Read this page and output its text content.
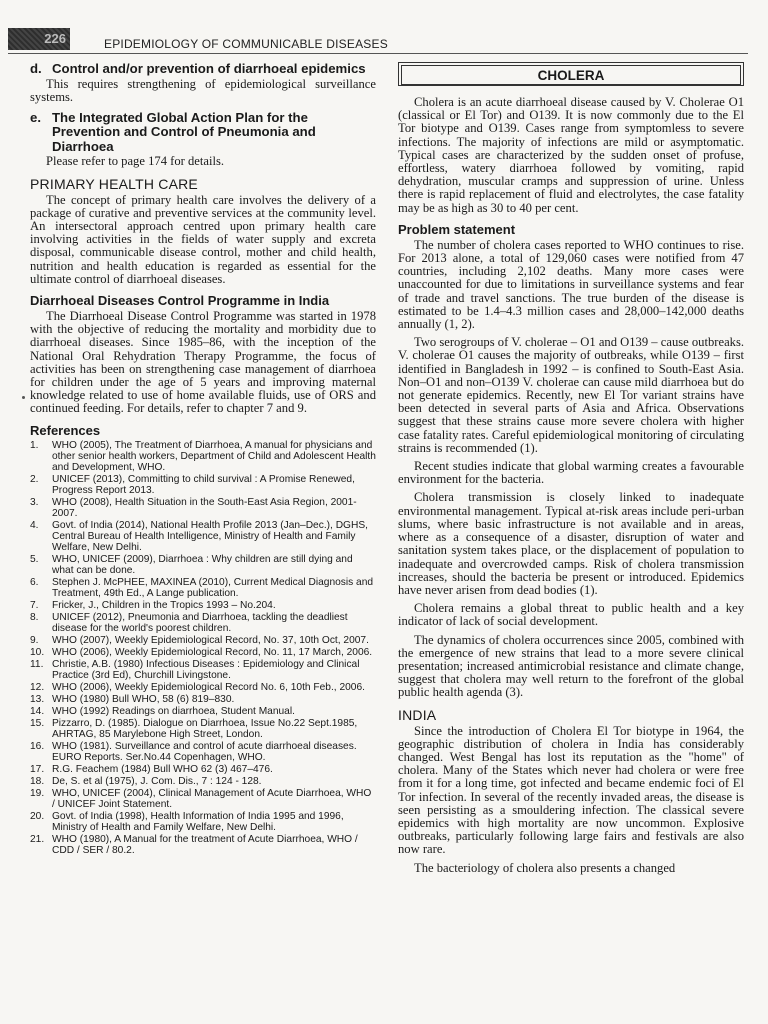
226	EPIDEMIOLOGY OF COMMUNICABLE DISEASES
d. Control and/or prevention of diarrhoeal epidemics

This requires strengthening of epidemiological surveillance systems.

e. The Integrated Global Action Plan for the Prevention and Control of Pneumonia and Diarrhoea

Please refer to page 174 for details.

PRIMARY HEALTH CARE

The concept of primary health care involves the delivery of a package of curative and preventive services at the community level. An intersectoral approach centred upon primary health care involving activities in the fields of water supply and excreta disposal, communicable disease control, mother and child health, nutrition and health education is regarded as essential for the ultimate control of diarrhoeal diseases.

Diarrhoeal Diseases Control Programme in India

The Diarrhoeal Disease Control Programme was started in 1978 with the objective of reducing the mortality and morbidity due to diarrhoeal diseases. Since 1985–86, with the inception of the National Oral Rehydration Therapy Programme, the focus of activities has been on strengthening case management of diarrhoea for children under the age of 5 years and improving maternal knowledge related to use of home available fluids, use of ORS and continued feeding. For details, refer to chapter 7 and 9.

References
1.	WHO (2005), The Treatment of Diarrhoea, A manual for physicians and other senior health workers, Department of Child and Adolescent Health and Development, WHO.
2.	UNICEF (2013), Committing to child survival : A Promise Renewed, Progress Report 2013.
3.	WHO (2008), Health Situation in the South-East Asia Region, 2001-2007.
4.	Govt. of India (2014), National Health Profile 2013 (Jan–Dec.), DGHS, Central Bureau of Health Intelligence, Ministry of Health and Family Welfare, New Delhi.
5.	WHO, UNICEF (2009), Diarrhoea : Why children are still dying and what can be done.
6.	Stephen J. McPHEE, MAXINEA (2010), Current Medical Diagnosis and Treatment, 49th Ed., A Lange publication.
7.	Fricker, J., Children in the Tropics 1993 – No.204.
8.	UNICEF (2012), Pneumonia and Diarrhoea, tackling the deadliest disease for the world's poorest children.
9.	WHO (2007), Weekly Epidemiological Record, No. 37, 10th Oct, 2007.
10. WHO (2006), Weekly Epidemiological Record, No. 11, 17 March, 2006.
11. Christie, A.B. (1980) Infectious Diseases : Epidemiology and Clinical Practice (3rd Ed), Churchill Livingstone.
12. WHO (2006), Weekly Epidemiological Record No. 6, 10th Feb., 2006.
13. WHO (1980) Bull WHO, 58 (6) 819–830.
14. WHO (1992) Readings on diarrhoea, Student Manual.
15. Pizzarro, D. (1985). Dialogue on Diarrhoea, Issue No.22 Sept.1985, AHRTAG, 85 Marylebone High Street, London.
16. WHO (1981). Surveillance and control of acute diarrhoeal diseases. EURO Reports. Ser.No.44 Copenhagen, WHO.
17. R.G. Feachem (1984) Bull WHO 62 (3) 467–476.
18. De, S. et al (1975), J. Com. Dis., 7 : 124 - 128.
19. WHO, UNICEF (2004), Clinical Management of Acute Diarrhoea, WHO / UNICEF Joint Statement.
20. Govt. of India (1998), Health Information of India 1995 and 1996, Ministry of Health and Family Welfare, New Delhi.
21. WHO (1980), A Manual for the treatment of Acute Diarrhoea, WHO / CDD / SER / 80.2.
CHOLERA

Cholera is an acute diarrhoeal disease caused by V. Cholerae O1 (classical or El Tor) and O139. It is now commonly due to the El Tor biotype and O139. Cases range from symptomless to severe infections. The majority of infections are mild or asymptomatic. Typical cases are characterized by the sudden onset of profuse, effortless, watery diarrhoea followed by vomiting, rapid dehydration, muscular cramps and suppression of urine. Unless there is rapid replacement of fluid and electrolytes, the case fatality may be as high as 30 to 40 per cent.

Problem statement

The number of cholera cases reported to WHO continues to rise. For 2013 alone, a total of 129,060 cases were notified from 47 countries, including 2,102 deaths. Many more cases were unaccounted for due to limitations in surveillance systems and fear of trade and travel sanctions. The true burden of the disease is estimated to be 1.4–4.3 million cases and 28,000–142,000 deaths annually (1, 2).

Two serogroups of V. cholerae – O1 and O139 – cause outbreaks. V. cholerae O1 causes the majority of outbreaks, while O139 – first identified in Bangladesh in 1992 – is confined to South-East Asia. Non–O1 and non–O139 V. cholerae can cause mild diarrhoea but do not generate epidemics. Recently, new El Tor variant strains have been detected in several parts of Asia and Africa. Observations suggest that these strains cause more severe cholera with higher case fatality rates. Careful epidemiological monitoring of circulating strains is recommended (1).

Recent studies indicate that global warming creates a favourable environment for the bacteria.

Cholera transmission is closely linked to inadequate environmental management. Typical at-risk areas include peri-urban slums, where basic infrastructure is not available and in areas, where as a consequence of a disaster, disruption of water and sanitation system takes place, or the displacement of population to inadequate and overcrowded camps. Risk of cholera transmission increases, should the bacteria be present or introduced. Epidemics have never arisen from dead bodies (1).

Cholera remains a global threat to public health and a key indicator of lack of social development.

The dynamics of cholera occurrences since 2005, combined with the emergence of new strains that lead to a more severe clinical presentation; increased antimicrobial resistance and climate change, suggest that cholera may well return to the forefront of the global public health agenda (3).

INDIA

Since the introduction of Cholera El Tor biotype in 1964, the geographic distribution of cholera in India has considerably changed. West Bengal has lost its reputation as the "home" of cholera. Many of the States which never had cholera or were free from it for a long time, got infected and became endemic foci of El Tor infection. In several of the recently invaded areas, the disease is seen persisting as a smouldering infection. The classical severe epidemics with high mortality are now uncommon. Explosive outbreaks, particularly following large fairs and festivals are also now rare.

The bacteriology of cholera also presents a changed
